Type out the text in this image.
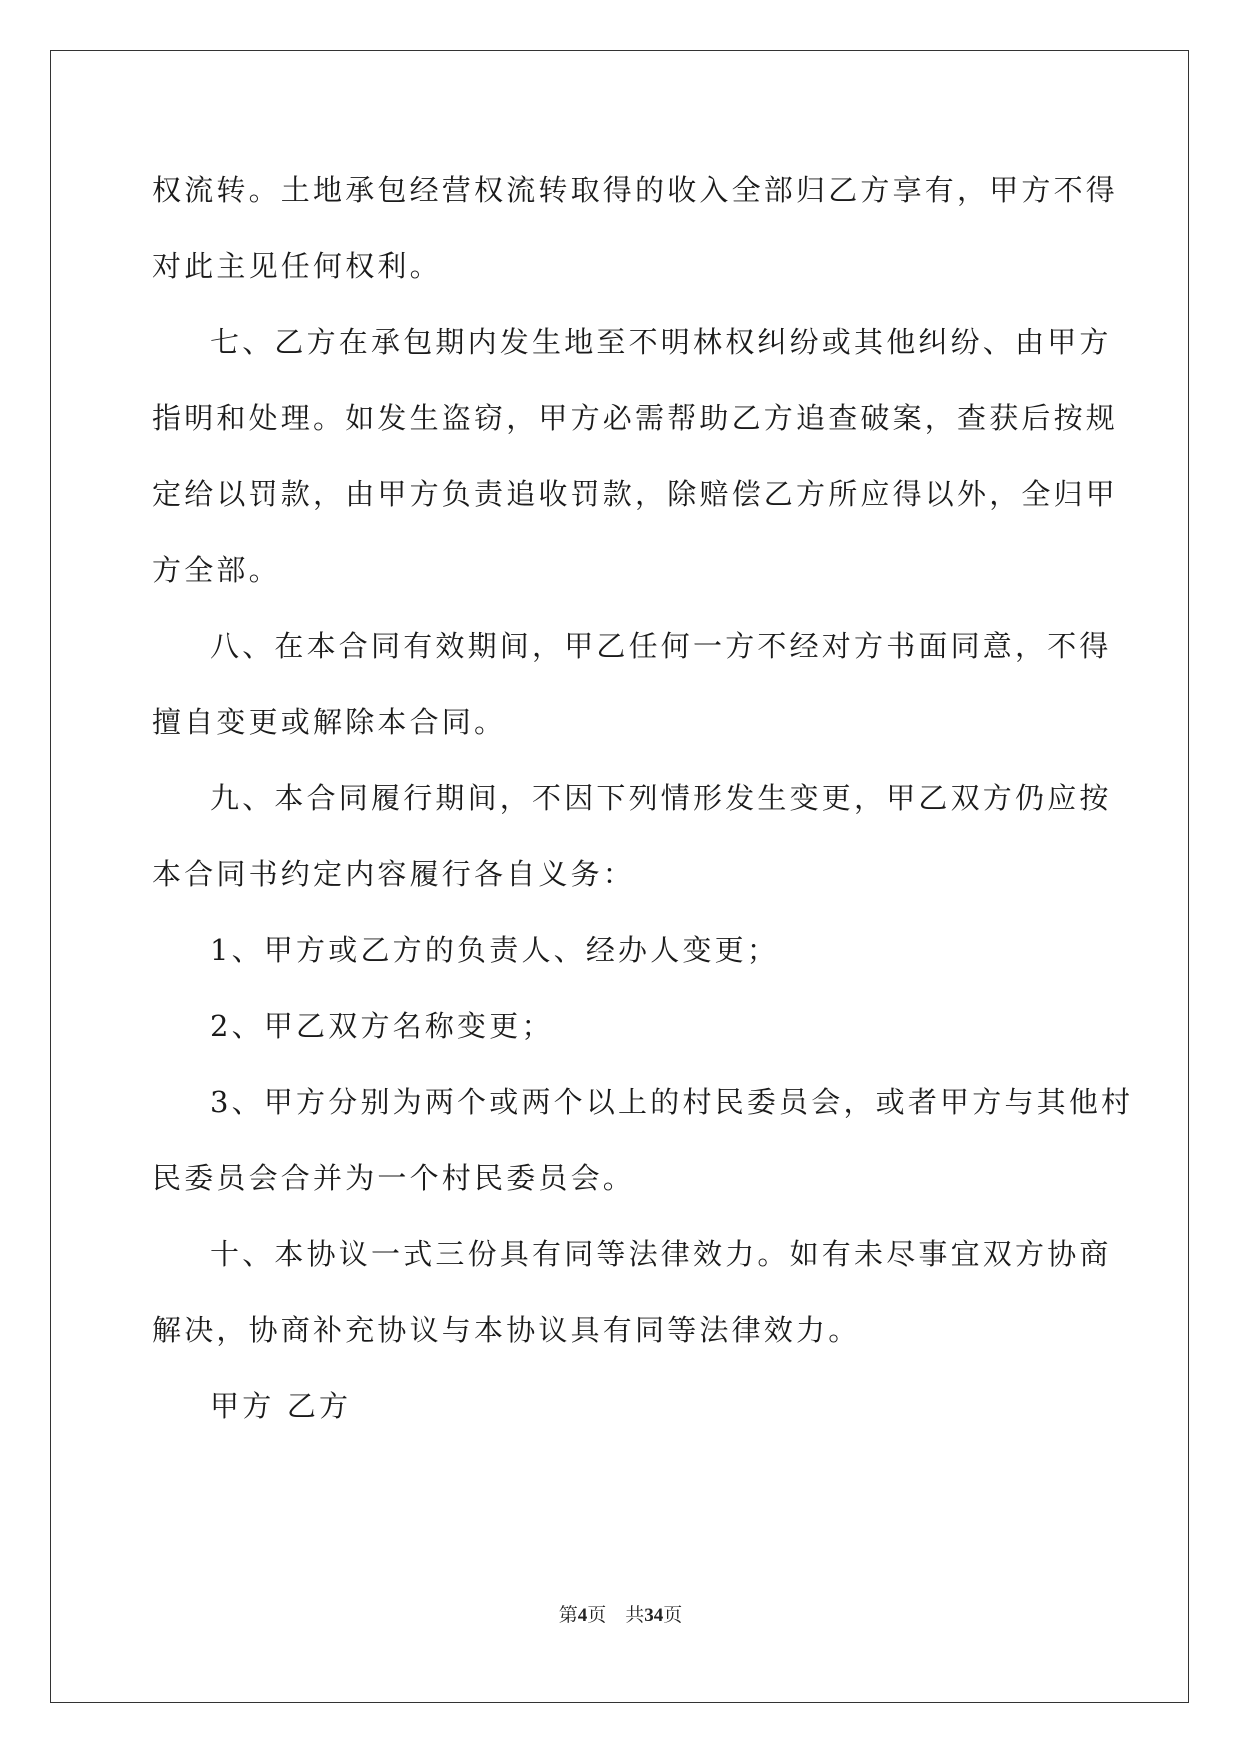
权流转。土地承包经营权流转取得的收入全部归乙方享有，甲方不得
对此主见任何权利。
七、乙方在承包期内发生地至不明林权纠纷或其他纠纷、由甲方
指明和处理。如发生盗窃，甲方必需帮助乙方追查破案，查获后按规
定给以罚款，由甲方负责追收罚款，除赔偿乙方所应得以外，全归甲
方全部。
八、在本合同有效期间，甲乙任何一方不经对方书面同意，不得
擅自变更或解除本合同。
九、本合同履行期间，不因下列情形发生变更，甲乙双方仍应按
本合同书约定内容履行各自义务：
1、甲方或乙方的负责人、经办人变更；
2、甲乙双方名称变更；
3、甲方分别为两个或两个以上的村民委员会，或者甲方与其他村
民委员会合并为一个村民委员会。
十、本协议一式三份具有同等法律效力。如有未尽事宜双方协商
解决，协商补充协议与本协议具有同等法律效力。
甲方 乙方
第4页 共34页
